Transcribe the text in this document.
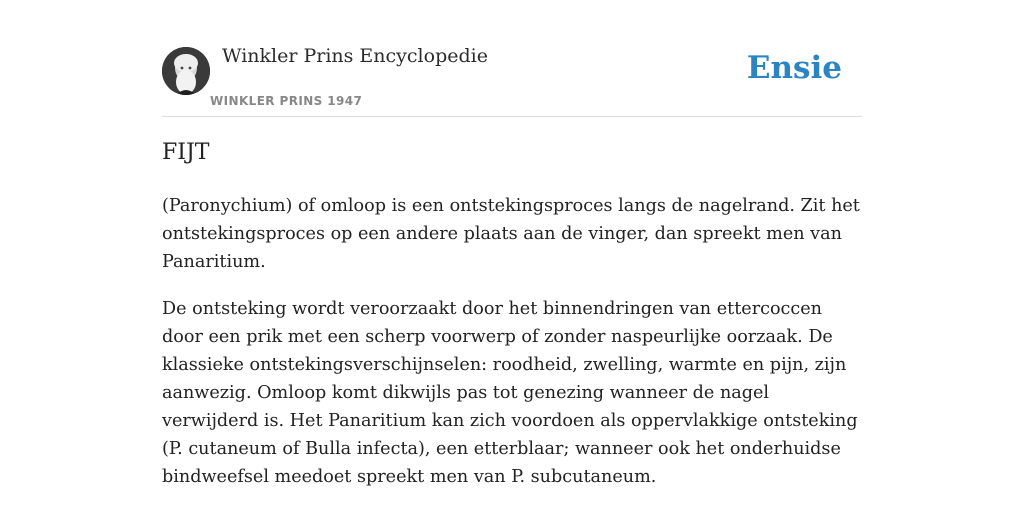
Winkler Prins Encyclopedie
WINKLER PRINS 1947
Ensie
FIJT

(Paronychium) of omloop is een ontstekingsproces langs de nagelrand. Zit het ontstekingsproces op een andere plaats aan de vinger, dan spreekt men van Panaritium.

De ontsteking wordt veroorzaakt door het binnendringen van ettercoccen door een prik met een scherp voorwerp of zonder naspeurlijke oorzaak. De klassieke ontstekingsverschijnselen: roodheid, zwelling, warmte en pijn, zijn aanwezig. Omloop komt dikwijls pas tot genezing wanneer de nagel verwijderd is. Het Panaritium kan zich voordoen als oppervlakkige ontsteking (P. cutaneum of Bulla infecta), een etterblaar; wanneer ook het onderhuidse bindweefsel meedoet spreekt men van P. subcutaneum.
